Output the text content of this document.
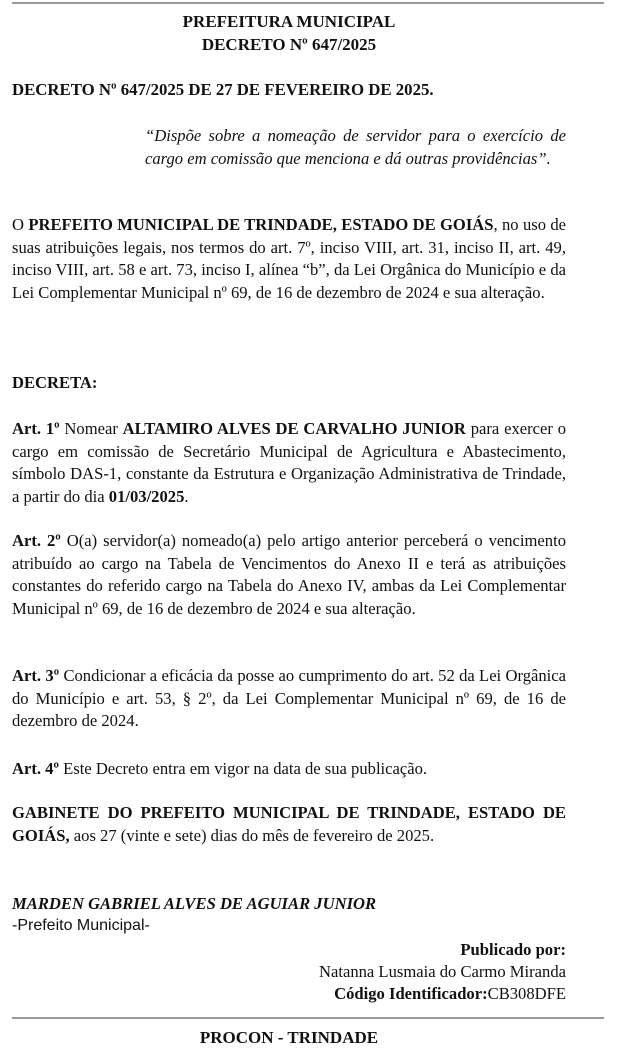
PREFEITURA MUNICIPAL
DECRETO Nº 647/2025
DECRETO Nº 647/2025 DE 27 DE FEVEREIRO DE 2025.
“Dispõe sobre a nomeação de servidor para o exercício de cargo em comissão que menciona e dá outras providências”.
O PREFEITO MUNICIPAL DE TRINDADE, ESTADO DE GOIÁS, no uso de suas atribuições legais, nos termos do art. 7º, inciso VIII, art. 31, inciso II, art. 49, inciso VIII, art. 58 e art. 73, inciso I, alínea “b”, da Lei Orgânica do Município e da Lei Complementar Municipal nº 69, de 16 de dezembro de 2024 e sua alteração.
DECRETA:
Art. 1º Nomear ALTAMIRO ALVES DE CARVALHO JUNIOR para exercer o cargo em comissão de Secretário Municipal de Agricultura e Abastecimento, símbolo DAS-1, constante da Estrutura e Organização Administrativa de Trindade, a partir do dia 01/03/2025.
Art. 2º O(a) servidor(a) nomeado(a) pelo artigo anterior perceberá o vencimento atribuído ao cargo na Tabela de Vencimentos do Anexo II e terá as atribuições constantes do referido cargo na Tabela do Anexo IV, ambas da Lei Complementar Municipal nº 69, de 16 de dezembro de 2024 e sua alteração.
Art. 3º Condicionar a eficácia da posse ao cumprimento do art. 52 da Lei Orgânica do Município e art. 53, § 2º, da Lei Complementar Municipal nº 69, de 16 de dezembro de 2024.
Art. 4º Este Decreto entra em vigor na data de sua publicação.
GABINETE DO PREFEITO MUNICIPAL DE TRINDADE, ESTADO DE GOIÁS, aos 27 (vinte e sete) dias do mês de fevereiro de 2025.
MARDEN GABRIEL ALVES DE AGUIAR JUNIOR
-Prefeito Municipal-
Publicado por:
Natanna Lusmaia do Carmo Miranda
Código Identificador:CB308DFE
PROCON - TRINDADE
